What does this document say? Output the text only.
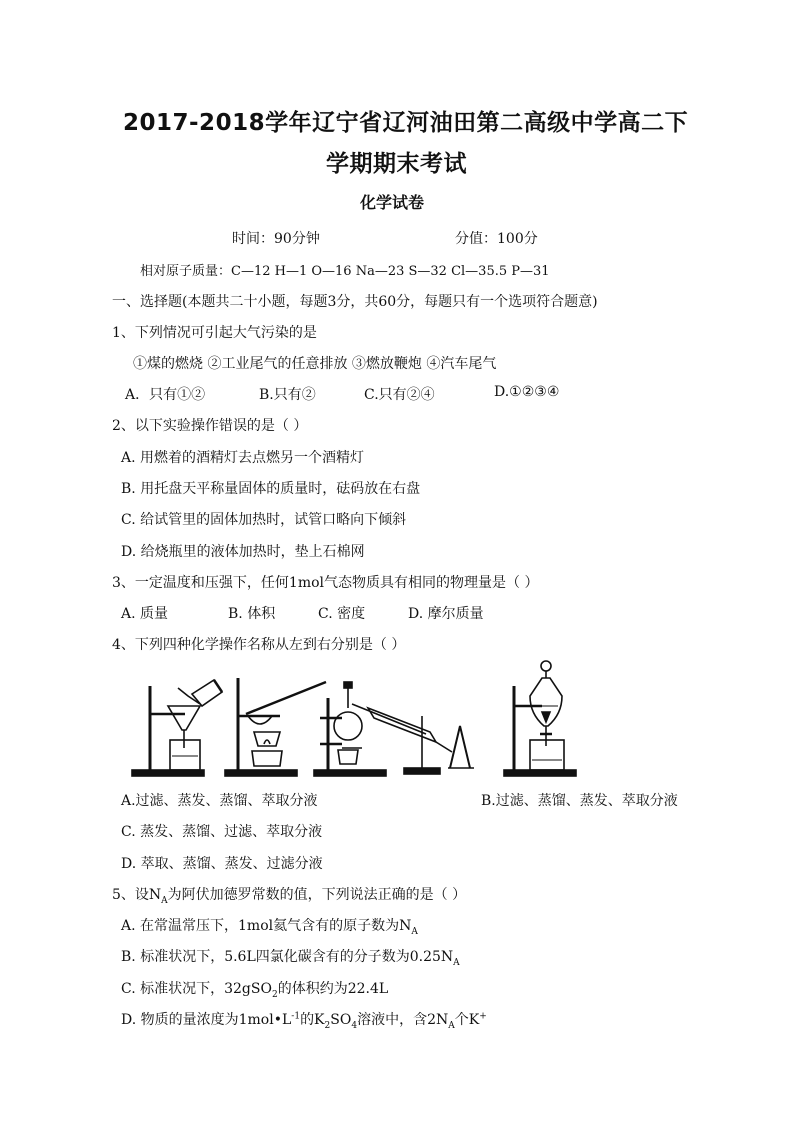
2017-2018学年辽宁省辽河油田第二高级中学高二下
学期期末考试
化学试卷
时间：90分钟	分值：100分
相对原子质量：C—12 H—1 O—16 Na—23 S—32 Cl—35.5 P—31
一、选择题(本题共二十小题，每题3分，共60分，每题只有一个选项符合题意)
1、下列情况可引起大气污染的是
①煤的燃烧 ②工业尾气的任意排放 ③燃放鞭炮 ④汽车尾气
A．只有①②	B.只有②	C.只有②④	D.①②③④
2、以下实验操作错误的是（ ）
A. 用燃着的酒精灯去点燃另一个酒精灯
B. 用托盘天平称量固体的质量时，砝码放在右盘
C. 给试管里的固体加热时，试管口略向下倾斜
D. 给烧瓶里的液体加热时，垫上石棉网
3、一定温度和压强下，任何1mol气态物质具有相同的物理量是（ ）
A. 质量	B. 体积	C. 密度	D. 摩尔质量
4、下列四种化学操作名称从左到右分别是（ ）
A.过滤、蒸发、蒸馏、萃取分液	B.过滤、蒸馏、蒸发、萃取分液
C. 蒸发、蒸馏、过滤、萃取分液
D. 萃取、蒸馏、蒸发、过滤分液
5、设$N_A$为阿伏加德罗常数的值，下列说法正确的是（ ）
A. 在常温常压下，1mol氦气含有的原子数为$N_A$
B. 标准状况下，5.6L四氯化碳含有的分子数为$0.25N_A$
C. 标准状况下，32gSO$_2$的体积约为22.4L
D. 物质的量浓度为$1mol•L^{-1}$的$K_2SO_4$溶液中，含$2N_A$个K+
